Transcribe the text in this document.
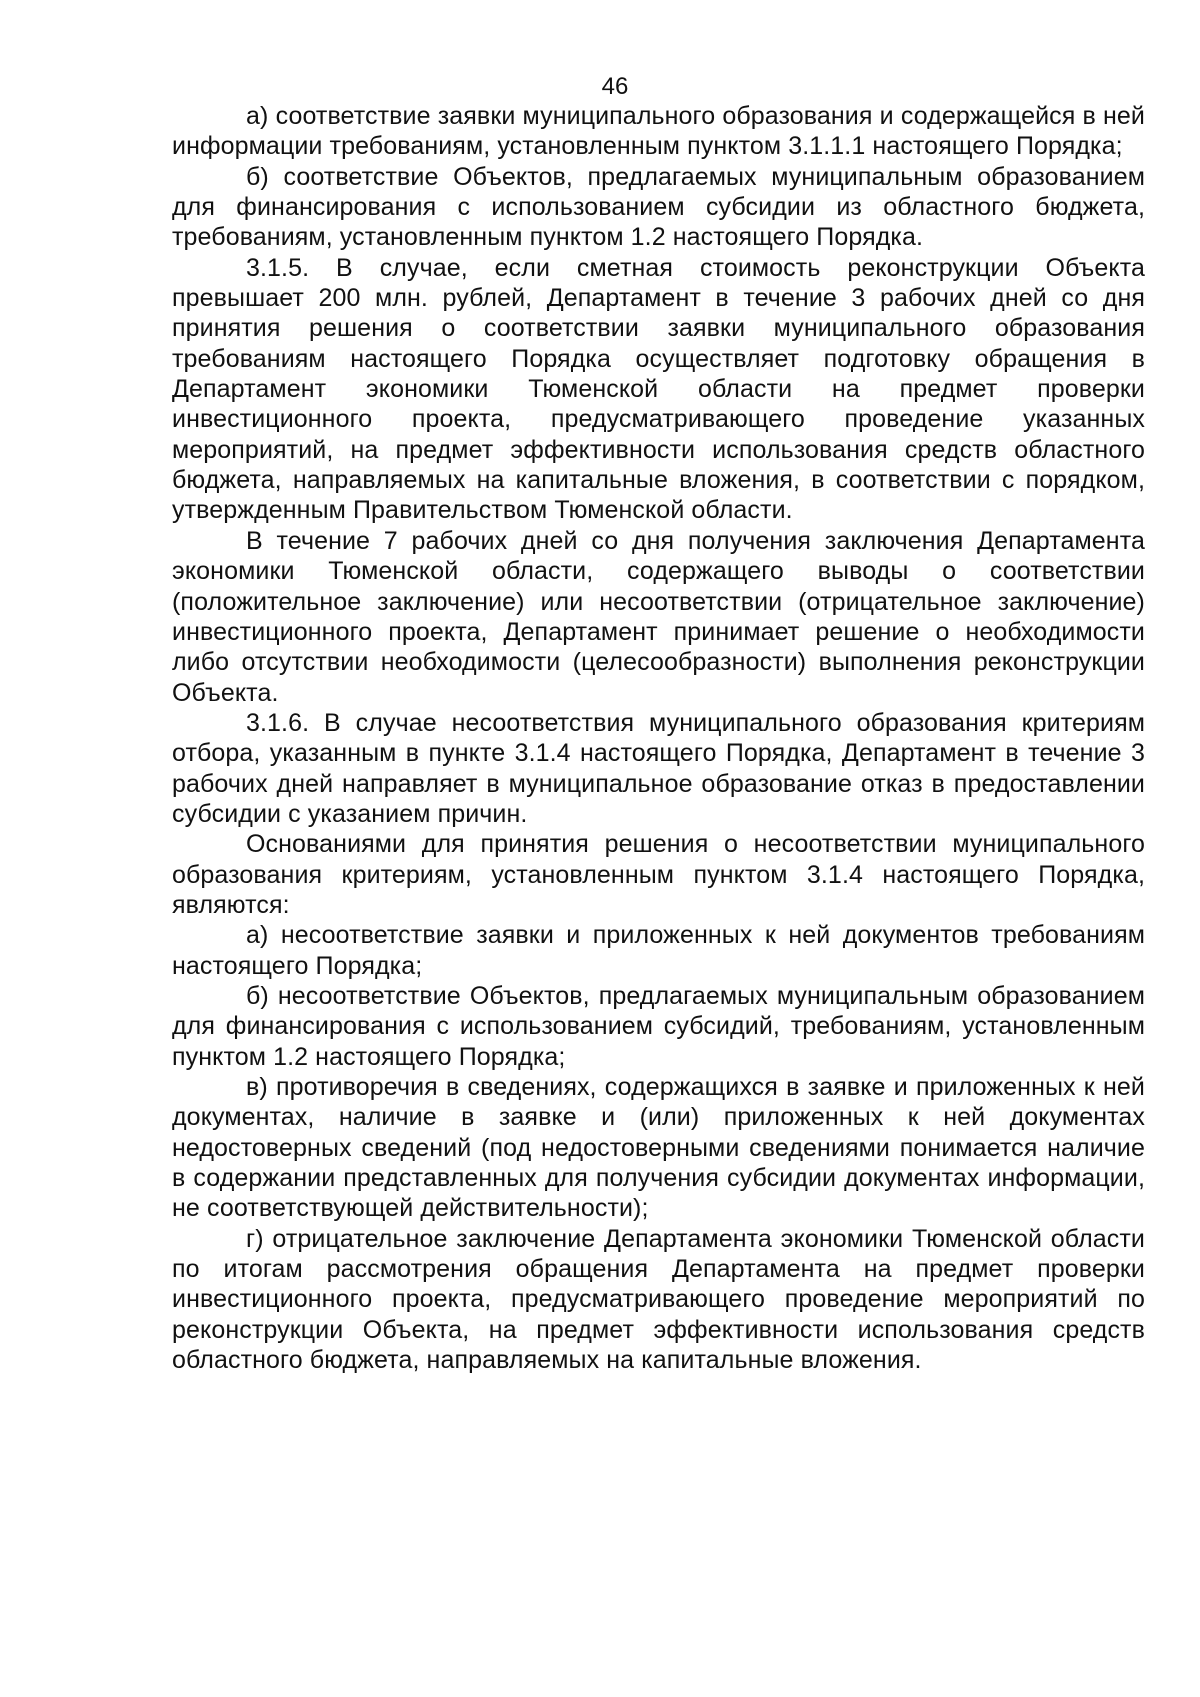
46

а) соответствие заявки муниципального образования и содержащейся в ней информации требованиям, установленным пунктом 3.1.1.1 настоящего Порядка;

б) соответствие Объектов, предлагаемых муниципальным образованием для финансирования с использованием субсидии из областного бюджета, требованиям, установленным пунктом 1.2 настоящего Порядка.

3.1.5. В случае, если сметная стоимость реконструкции Объекта превышает 200 млн. рублей, Департамент в течение 3 рабочих дней со дня принятия решения о соответствии заявки муниципального образования требованиям настоящего Порядка осуществляет подготовку обращения в Департамент экономики Тюменской области на предмет проверки инвестиционного проекта, предусматривающего проведение указанных мероприятий, на предмет эффективности использования средств областного бюджета, направляемых на капитальные вложения, в соответствии с порядком, утвержденным Правительством Тюменской области.

В течение 7 рабочих дней со дня получения заключения Департамента экономики Тюменской области, содержащего выводы о соответствии (положительное заключение) или несоответствии (отрицательное заключение) инвестиционного проекта, Департамент принимает решение о необходимости либо отсутствии необходимости (целесообразности) выполнения реконструкции Объекта.

3.1.6. В случае несоответствия муниципального образования критериям отбора, указанным в пункте 3.1.4 настоящего Порядка, Департамент в течение 3 рабочих дней направляет в муниципальное образование отказ в предоставлении субсидии с указанием причин.

Основаниями для принятия решения о несоответствии муниципального образования критериям, установленным пунктом 3.1.4 настоящего Порядка, являются:

а) несоответствие заявки и приложенных к ней документов требованиям настоящего Порядка;

б) несоответствие Объектов, предлагаемых муниципальным образованием для финансирования с использованием субсидий, требованиям, установленным пунктом 1.2 настоящего Порядка;

в) противоречия в сведениях, содержащихся в заявке и приложенных к ней документах, наличие в заявке и (или) приложенных к ней документах недостоверных сведений (под недостоверными сведениями понимается наличие в содержании представленных для получения субсидии документах информации, не соответствующей действительности);

г) отрицательное заключение Департамента экономики Тюменской области по итогам рассмотрения обращения Департамента на предмет проверки инвестиционного проекта, предусматривающего проведение мероприятий по реконструкции Объекта, на предмет эффективности использования средств областного бюджета, направляемых на капитальные вложения.
